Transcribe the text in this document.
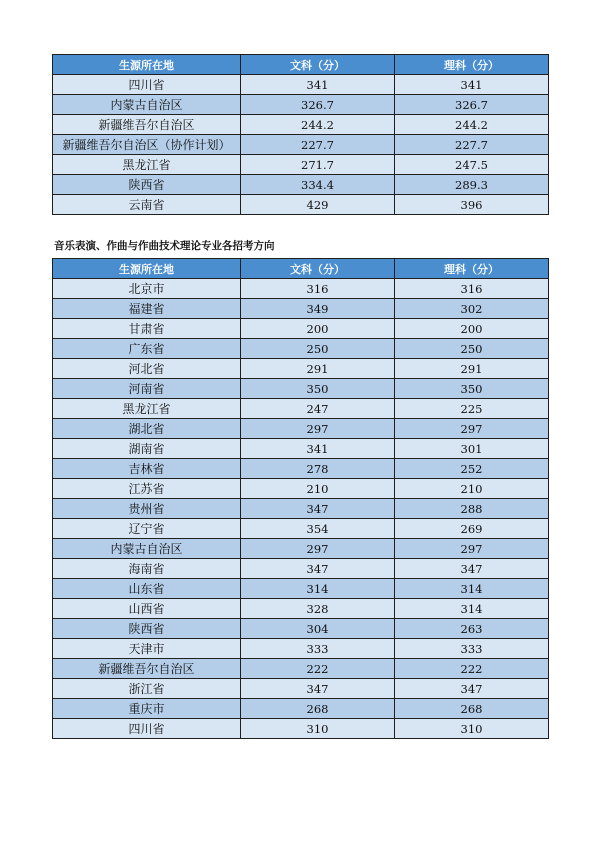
生源所在地	文科（分）	理科（分）
四川省	341	341
内蒙古自治区	326.7	326.7
新疆维吾尔自治区	244.2	244.2
新疆维吾尔自治区（协作计划）	227.7	227.7
黑龙江省	271.7	247.5
陕西省	334.4	289.3
云南省	429	396
音乐表演、作曲与作曲技术理论专业各招考方向
生源所在地	文科（分）	理科（分）
北京市	316	316
福建省	349	302
甘肃省	200	200
广东省	250	250
河北省	291	291
河南省	350	350
黑龙江省	247	225
湖北省	297	297
湖南省	341	301
吉林省	278	252
江苏省	210	210
贵州省	347	288
辽宁省	354	269
内蒙古自治区	297	297
海南省	347	347
山东省	314	314
山西省	328	314
陕西省	304	263
天津市	333	333
新疆维吾尔自治区	222	222
浙江省	347	347
重庆市	268	268
四川省	310	310
